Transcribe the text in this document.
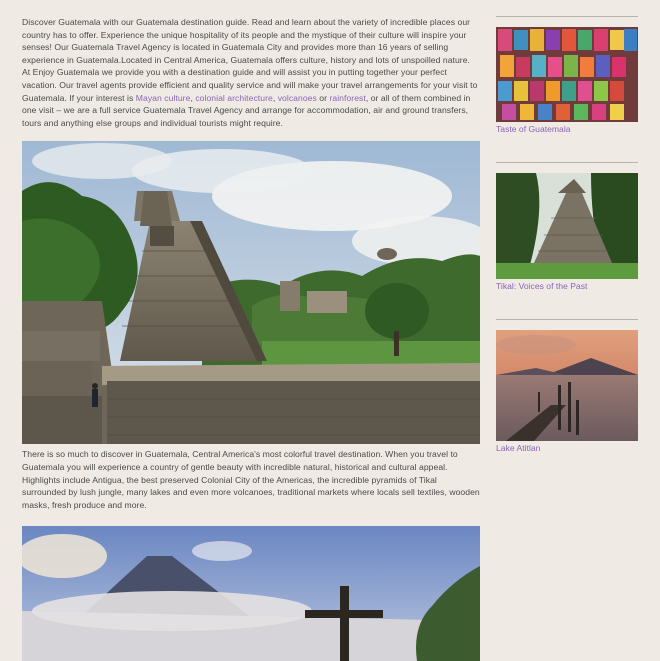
Discover Guatemala with our Guatemala destination guide. Read and learn about the variety of incredible places our country has to offer. Experience the unique hospitality of its people and the mystique of their culture will inspire your senses! Our Guatemala Travel Agency is located in Guatemala City and provides more than 16 years of selling experience in Guatemala.Located in Central America, Guatemala offers culture, history and lots of unspoilled nature. At Enjoy Guatemala we provide you with a destination guide and will assist you in putting together your perfect vacation. Our travel agents provide efficient and quality service and will make your travel arrangements for your visit to Guatemala. If your interest is Mayan culture, colonial architecture, volcanoes or rainforest, or all of them combined in one visit – we are a full service Guatemala Travel Agency and arrange for accommodation, air and ground transfers, tours and anything else groups and individual tourists might require.

There is so much to discover in Guatemala, Central America's most colorful travel destination. When you travel to Guatemala you will experience a country of gentle beauty with incredible natural, historical and cultural appeal. Highlights include Antigua, the best preserved Colonial City of the Americas, the incredible pyramids of Tikal surrounded by lush jungle, many lakes and even more volcanoes, traditional markets where locals sell textiles, wooden masks, fresh produce and more.

Taste of Guatemala
Tikal: Voices of the Past
Lake Atitlan
